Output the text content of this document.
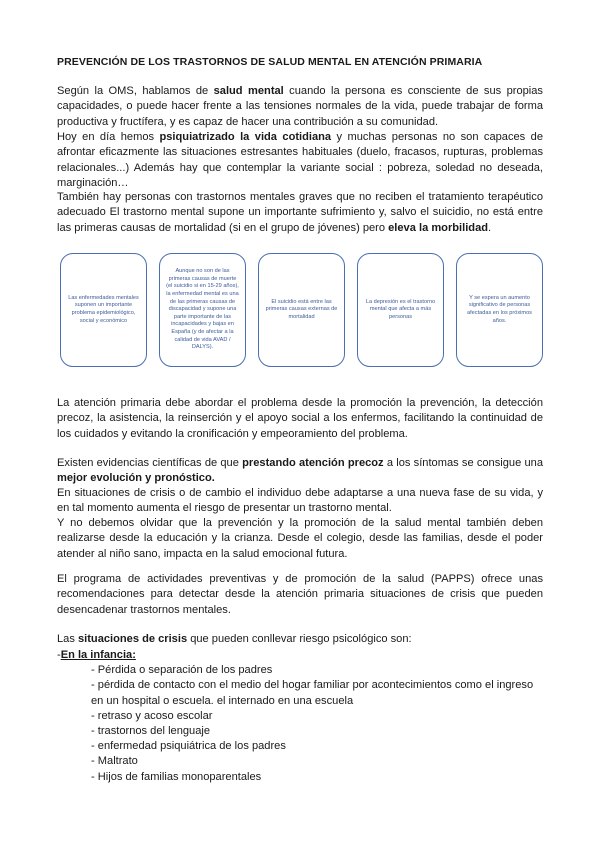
PREVENCIÓN DE LOS TRASTORNOS DE SALUD MENTAL EN ATENCIÓN PRIMARIA
Según la OMS, hablamos de salud mental cuando la persona es consciente de sus propias capacidades, o puede hacer frente a las tensiones normales de la vida, puede trabajar de forma productiva y fructífera, y es capaz de hacer una contribución a su comunidad.
Hoy en día hemos psiquiatrizado la vida cotidiana y muchas personas no son capaces de afrontar eficazmente las situaciones estresantes habituales (duelo, fracasos, rupturas, problemas relacionales...) Además hay que contemplar la variante social : pobreza, soledad no deseada, marginación…
También hay personas con trastornos mentales graves que no reciben el tratamiento terapéutico adecuado El trastorno mental supone un importante sufrimiento y, salvo el suicidio, no está entre las primeras causas de mortalidad (si en el grupo de jóvenes) pero eleva la morbilidad.
Las enfermedades mentales suponen un importante problema epidemiológico, social y económico
Aunque no son de las primeras causas de muerte (el suicidio si en 15-29 años), la enfermedad mental es una de las primeras causas de discapacidad y supone una parte importante de las incapacidades y bajas en España (y de afectar a la calidad de vida AVAD / DALYS).
El suicidio está entre las primeras causas externas de mortalidad
La depresión es el trastorno mental que afecta a más personas
Y se espera un aumento significativo de personas afectadas en los próximos años.
La atención primaria debe abordar el problema desde la promoción la prevención, la detección precoz, la asistencia, la reinserción y el apoyo social a los enfermos, facilitando la continuidad de los cuidados y evitando la cronificación y empeoramiento del problema.
Existen evidencias científicas de que prestando atención precoz a los síntomas se consigue una mejor evolución y pronóstico.
En situaciones de crisis o de cambio el individuo debe adaptarse a una nueva fase de su vida, y en tal momento aumenta el riesgo de presentar un trastorno mental.
Y no debemos olvidar que la prevención y la promoción de la salud mental también deben realizarse desde la educación y la crianza. Desde el colegio, desde las familias, desde el poder atender al niño sano, impacta en la salud emocional futura.
El programa de actividades preventivas y de promoción de la salud (PAPPS) ofrece unas recomendaciones para detectar desde la atención primaria situaciones de crisis que pueden desencadenar trastornos mentales.
Las situaciones de crisis que pueden conllevar riesgo psicológico son:
-En la infancia:
- Pérdida o separación de los padres
- pérdida de contacto con el medio del hogar familiar por acontecimientos como el ingreso en un hospital o escuela. el internado en una escuela
- retraso y acoso escolar
- trastornos del lenguaje
- enfermedad psiquiátrica de los padres
- Maltrato
- Hijos de familias monoparentales
